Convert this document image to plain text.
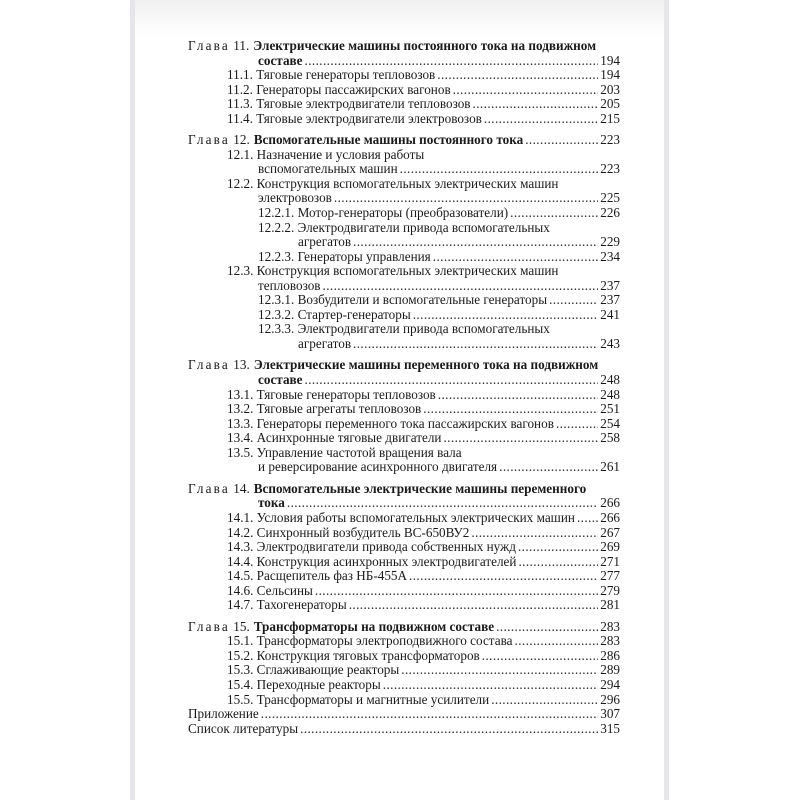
Глава 11. Электрические машины постоянного тока на подвижном
составе . . .	194
11.1. Тяговые генераторы тепловозов . . .	194
11.2. Генераторы пассажирских вагонов . . .	203
11.3. Тяговые электродвигатели тепловозов . . .	205
11.4. Тяговые электродвигатели электровозов . . .	215
Глава 12. Вспомогательные машины постоянного тока . . .	223
12.1. Назначение и условия работы
вспомогательных машин . . .	223
12.2. Конструкция вспомогательных электрических машин
электровозов . . .	225
12.2.1. Мотор-генераторы (преобразователи) . . .	226
12.2.2. Электродвигатели привода вспомогательных
агрегатов . . .	229
12.2.3. Генераторы управления . . .	234
12.3. Конструкция вспомогательных электрических машин
тепловозов . . .	237
12.3.1. Возбудители и вспомогательные генераторы . . .	237
12.3.2. Стартер-генераторы . . .	241
12.3.3. Электродвигатели привода вспомогательных
агрегатов . . .	243
Глава 13. Электрические машины переменного тока на подвижном
составе . . .	248
13.1. Тяговые генераторы тепловозов . . .	248
13.2. Тяговые агрегаты тепловозов . . .	251
13.3. Генераторы переменного тока пассажирских вагонов . . .	254
13.4. Асинхронные тяговые двигатели . . .	258
13.5. Управление частотой вращения вала
и реверсирование асинхронного двигателя . . .	261
Глава 14. Вспомогательные электрические машины переменного
тока . . .	266
14.1. Условия работы вспомогательных электрических машин . . . 266
14.2. Синхронный возбудитель ВС-650ВУ2 . . .	267
14.3. Электродвигатели привода собственных нужд . . .	269
14.4. Конструкция асинхронных электродвигателей . . .	271
14.5. Расщепитель фаз НБ-455А . . .	277
14.6. Сельсины . . .	279
14.7. Тахогенераторы . . .	281
Глава 15. Трансформаторы на подвижном составе . . .	283
15.1. Трансформаторы электроподвижного состава . . .	283
15.2. Конструкция тяговых трансформаторов . . .	286
15.3. Сглаживающие реакторы . . .	289
15.4. Переходные реакторы . . .	294
15.5. Трансформаторы и магнитные усилители . . .	296
Приложение . . .	307
Список литературы . . .	315
